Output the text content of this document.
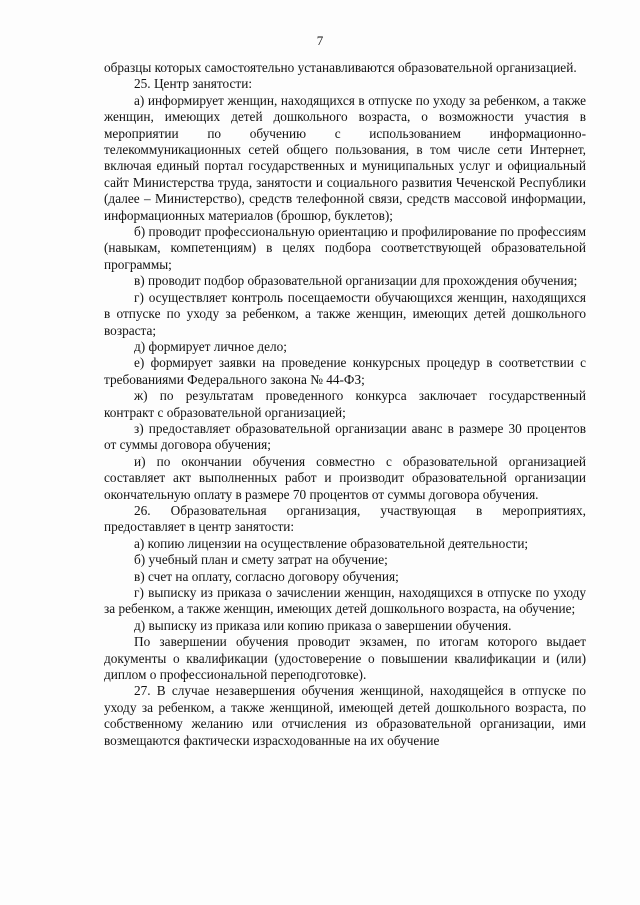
7

образцы которых самостоятельно устанавливаются образовательной организацией.

25. Центр занятости:

а) информирует женщин, находящихся в отпуске по уходу за ребенком, а также женщин, имеющих детей дошкольного возраста, о возможности участия в мероприятии по обучению с использованием информационно-телекоммуникационных сетей общего пользования, в том числе сети Интернет, включая единый портал государственных и муниципальных услуг и официальный сайт Министерства труда, занятости и социального развития Чеченской Республики (далее – Министерство), средств телефонной связи, средств массовой информации, информационных материалов (брошюр, буклетов);

б) проводит профессиональную ориентацию и профилирование по профессиям (навыкам, компетенциям) в целях подбора соответствующей образовательной программы;

в) проводит подбор образовательной организации для прохождения обучения;

г) осуществляет контроль посещаемости обучающихся женщин, находящихся в отпуске по уходу за ребенком, а также женщин, имеющих детей дошкольного возраста;

д) формирует личное дело;

е) формирует заявки на проведение конкурсных процедур в соответствии с требованиями Федерального закона № 44-ФЗ;

ж) по результатам проведенного конкурса заключает государственный контракт с образовательной организацией;

з) предоставляет образовательной организации аванс в размере 30 процентов от суммы договора обучения;

и) по окончании обучения совместно с образовательной организацией составляет акт выполненных работ и производит образовательной организации окончательную оплату в размере 70 процентов от суммы договора обучения.

26. Образовательная организация, участвующая в мероприятиях, предоставляет в центр занятости:

а) копию лицензии на осуществление образовательной деятельности;

б) учебный план и смету затрат на обучение;

в) счет на оплату, согласно договору обучения;

г) выписку из приказа о зачислении женщин, находящихся в отпуске по уходу за ребенком, а также женщин, имеющих детей дошкольного возраста, на обучение;

д) выписку из приказа или копию приказа о завершении обучения.

По завершении обучения проводит экзамен, по итогам которого выдает документы о квалификации (удостоверение о повышении квалификации и (или) диплом о профессиональной переподготовке).

27. В случае незавершения обучения женщиной, находящейся в отпуске по уходу за ребенком, а также женщиной, имеющей детей дошкольного возраста, по собственному желанию или отчисления из образовательной организации, ими возмещаются фактически израсходованные на их обучение
